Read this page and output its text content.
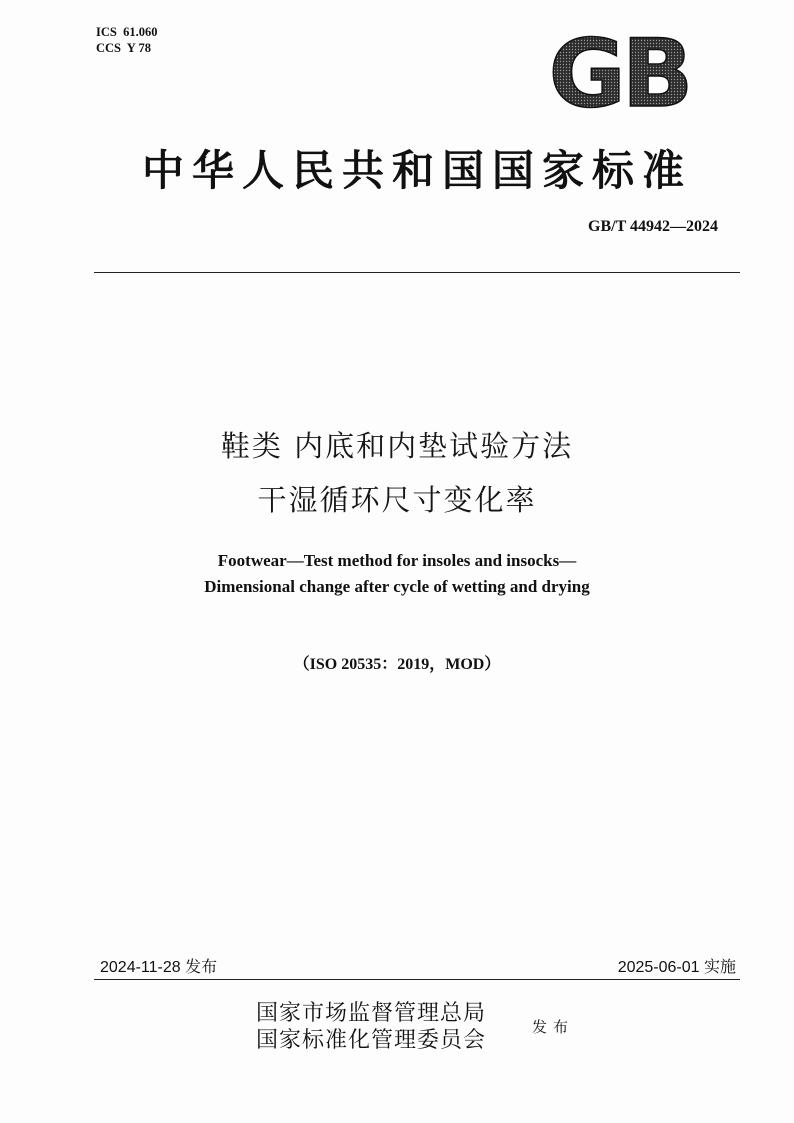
ICS  61.060
CCS  Y 78	GB
中华人民共和国国家标准
GB/T 44942—2024
鞋类 内底和内垫试验方法
干湿循环尺寸变化率
Footwear—Test method for insoles and insocks—
Dimensional change after cycle of wetting and drying
（ISO 20535：2019，MOD）
2024-11-28 发布	2025-06-01 实施
国家市场监督管理总局
国家标准化管理委员会
发布
